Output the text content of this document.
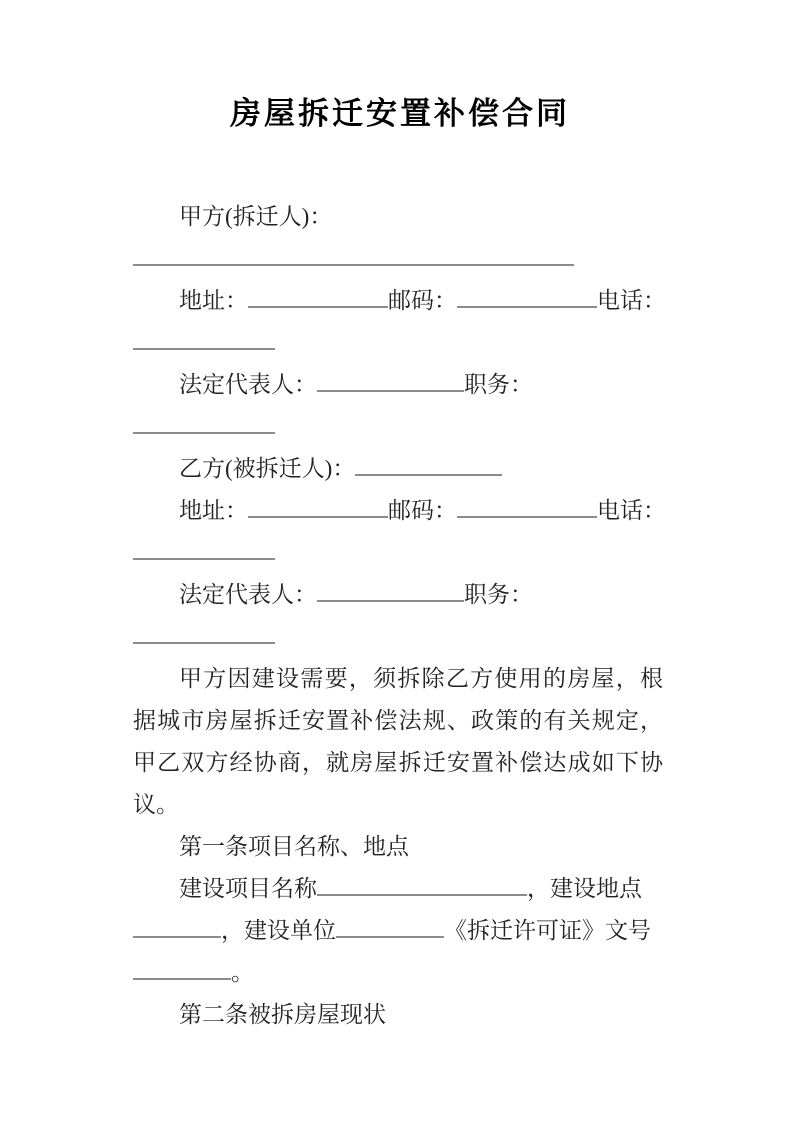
房屋拆迁安置补偿合同
甲方(拆迁人)：
地址：	邮码：	电话：
法定代表人：	职务：
乙方(被拆迁人)：
地址：	邮码：	电话：
法定代表人：	职务：
甲方因建设需要，须拆除乙方使用的房屋，根
据城市房屋拆迁安置补偿法规、政策的有关规定，
甲乙双方经协商，就房屋拆迁安置补偿达成如下协
议。
第一条项目名称、地点
建设项目名称	，建设地点
，建设单位	《拆迁许可证》文号
。
第二条被拆房屋现状
